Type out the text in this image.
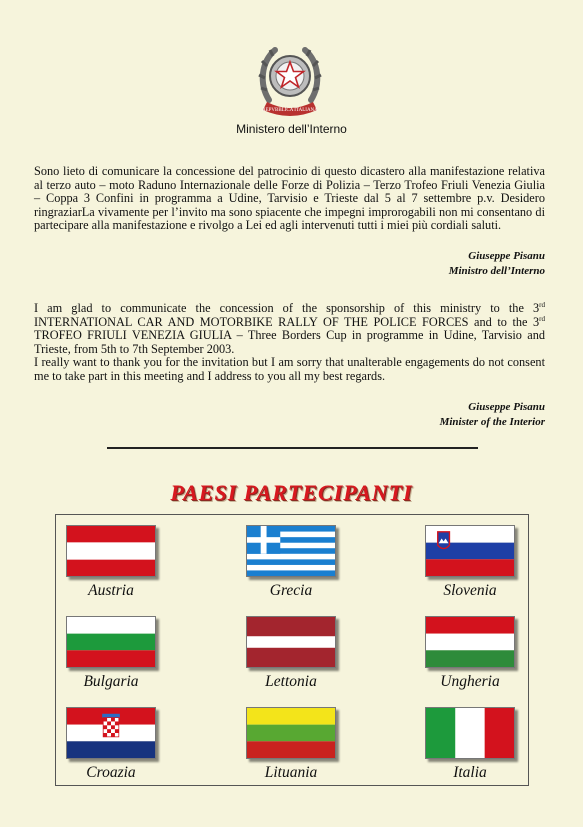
REPVBBLICA ITALIANA
Ministero dell’Interno

Sono lieto di comunicare la concessione del patrocinio di questo dicastero alla manifestazione relativa al terzo auto – moto Raduno Internazionale delle Forze di Polizia – Terzo Trofeo Friuli Venezia Giulia – Coppa 3 Confini in programma a Udine, Tarvisio e Trieste dal 5 al 7 settembre p.v. Desidero ringraziarLa vivamente per l’invito ma sono spiacente che impegni improrogabili non mi consentano di partecipare alla manifestazione e rivolgo a Lei ed agli intervenuti tutti i miei più cordiali saluti.

Giuseppe Pisanu
Ministro dell’Interno

I am glad to communicate the concession of the sponsorship of this ministry to the 3rd INTERNATIONAL CAR AND MOTORBIKE RALLY OF THE POLICE FORCES and to the 3rd TROFEO FRIULI VENEZIA GIULIA – Three Borders Cup in programme in Udine, Tarvisio and Trieste, from 5th to 7th September 2003.

I really want to thank you for the invitation but I am sorry that unalterable engagements do not consent me to take part in this meeting and I address to you all my best regards.

Giuseppe Pisanu
Minister of the Interior
PAESI PARTECIPANTI
Austria	Grecia	Slovenia
Bulgaria	Lettonia	Ungheria
Croazia	Lituania	Italia
